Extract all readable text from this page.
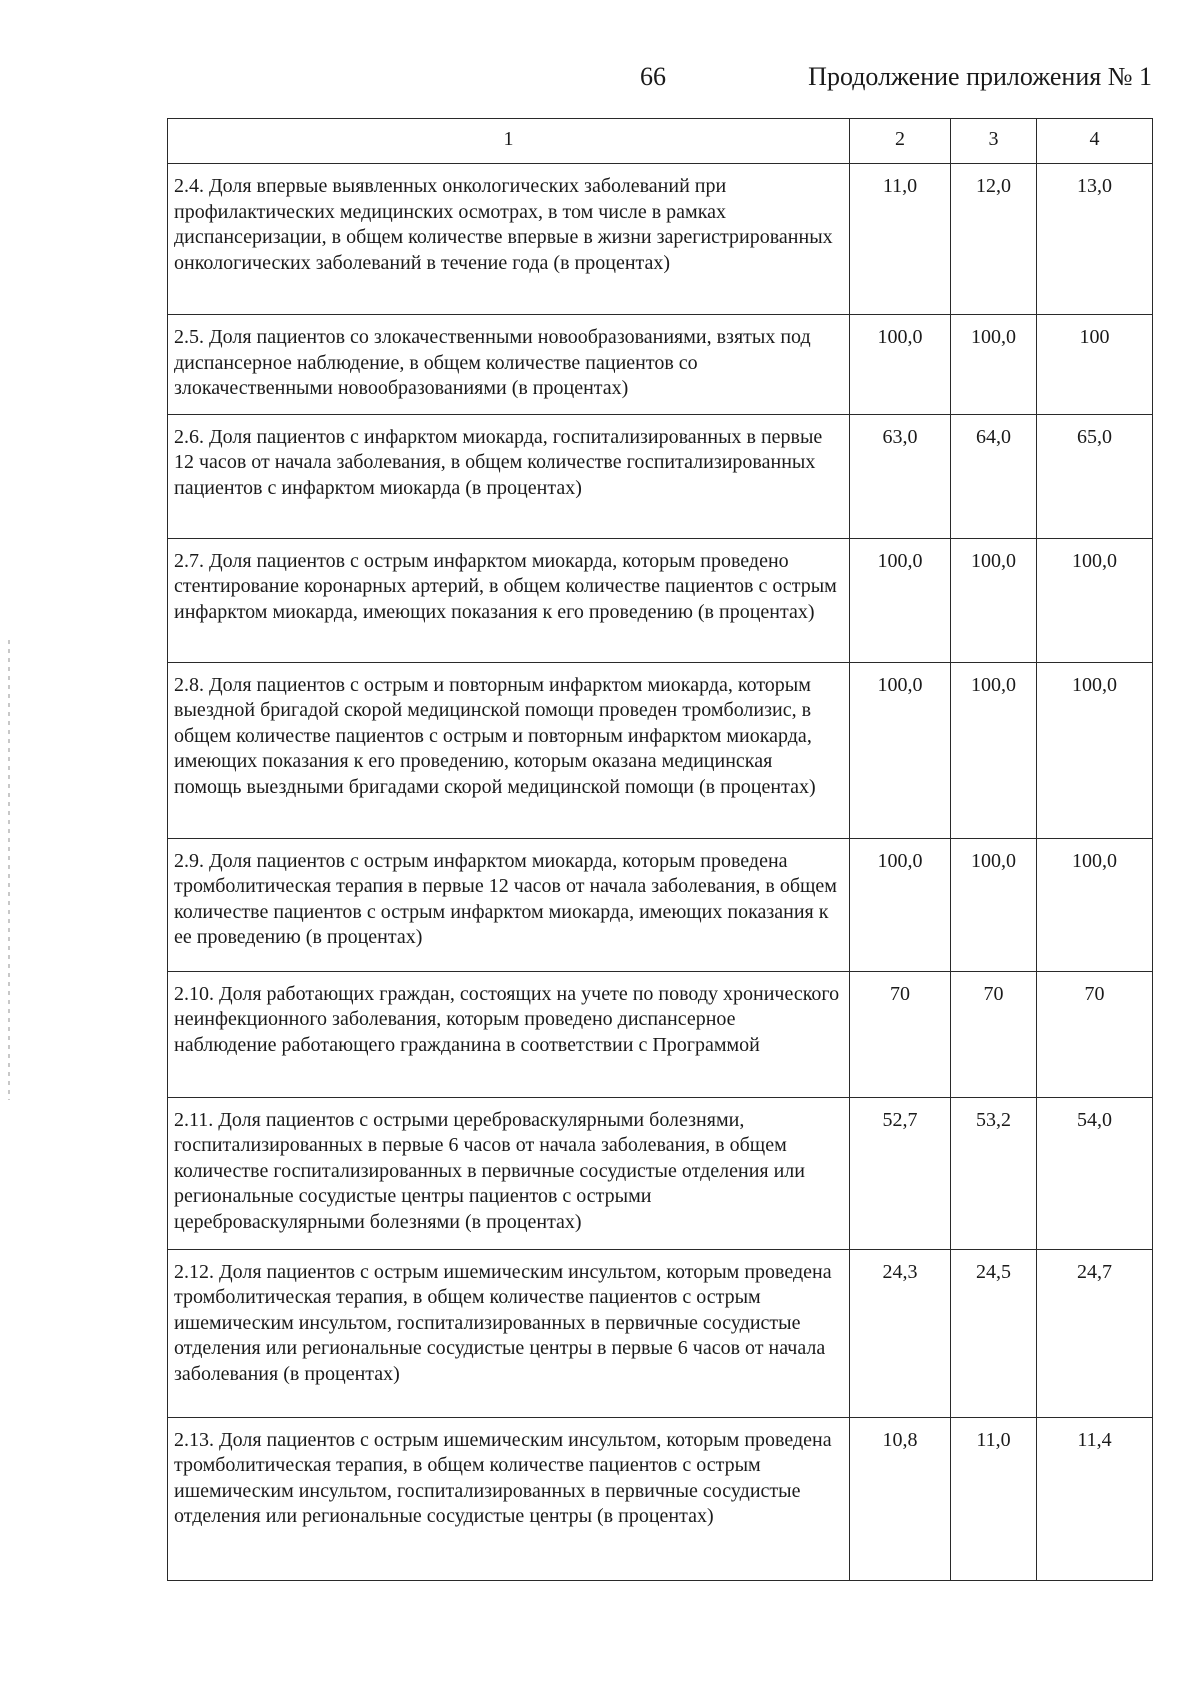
66	Продолжение приложения № 1
1	2	3	4
2.4. Доля впервые выявленных онкологических заболеваний при профилактических медицинских осмотрах, в том числе в рамках диспансеризации, в общем количестве впервые в жизни зарегистрированных онкологических заболеваний в течение года (в процентах)	11,0	12,0	13,0
2.5. Доля пациентов со злокачественными новообразованиями, взятых под диспансерное наблюдение, в общем количестве пациентов со злокачественными новообразованиями (в процентах)	100,0	100,0	100
2.6. Доля пациентов с инфарктом миокарда, госпитализированных в первые 12 часов от начала заболевания, в общем количестве госпитализированных пациентов с инфарктом миокарда (в процентах)	63,0	64,0	65,0
2.7. Доля пациентов с острым инфарктом миокарда, которым проведено стентирование коронарных артерий, в общем количестве пациентов с острым инфарктом миокарда, имеющих показания к его проведению (в процентах)	100,0	100,0	100,0
2.8. Доля пациентов с острым и повторным инфарктом миокарда, которым выездной бригадой скорой медицинской помощи проведен тромболизис, в общем количестве пациентов с острым и повторным инфарктом миокарда, имеющих показания к его проведению, которым оказана медицинская помощь выездными бригадами скорой медицинской помощи (в процентах)	100,0	100,0	100,0
2.9. Доля пациентов с острым инфарктом миокарда, которым проведена тромболитическая терапия в первые 12 часов от начала заболевания, в общем количестве пациентов с острым инфарктом миокарда, имеющих показания к ее проведению (в процентах)	100,0	100,0	100,0
2.10. Доля работающих граждан, состоящих на учете по поводу хронического неинфекционного заболевания, которым проведено диспансерное наблюдение работающего гражданина в соответствии с Программой	70	70	70
2.11. Доля пациентов с острыми цереброваскулярными болезнями, госпитализированных в первые 6 часов от начала заболевания, в общем количестве госпитализированных в первичные сосудистые отделения или региональные сосудистые центры пациентов с острыми цереброваскулярными болезнями (в процентах)	52,7	53,2	54,0
2.12. Доля пациентов с острым ишемическим инсультом, которым проведена тромболитическая терапия, в общем количестве пациентов с острым ишемическим инсультом, госпитализированных в первичные сосудистые отделения или региональные сосудистые центры в первые 6 часов от начала заболевания (в процентах)	24,3	24,5	24,7
2.13. Доля пациентов с острым ишемическим инсультом, которым проведена тромболитическая терапия, в общем количестве пациентов с острым ишемическим инсультом, госпитализированных в первичные сосудистые отделения или региональные сосудистые центры (в процентах)	10,8	11,0	11,4
